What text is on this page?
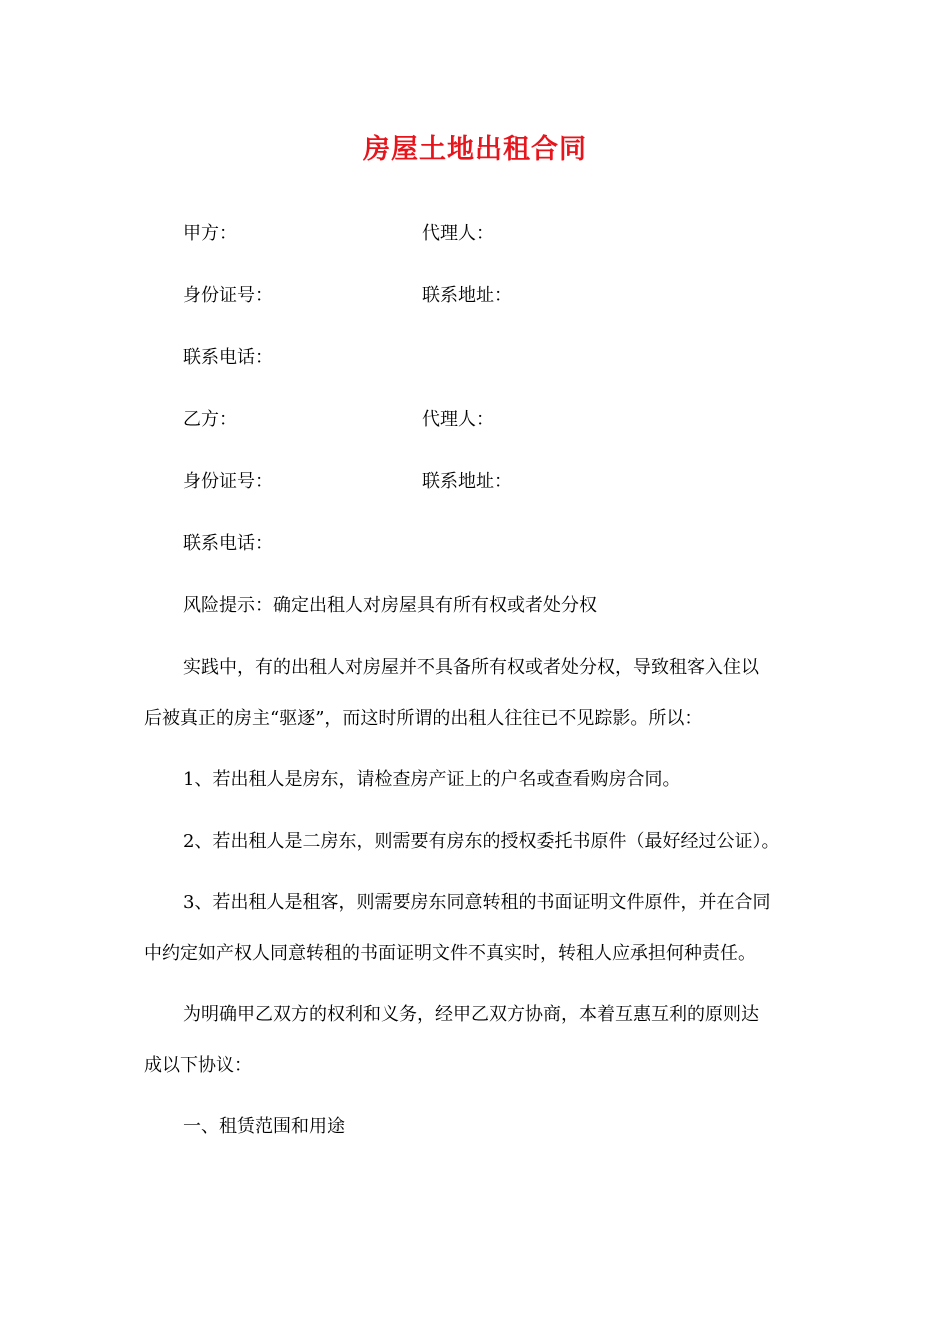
房屋土地出租合同
甲方：	代理人：
身份证号：	联系地址：
联系电话：
乙方：	代理人：
身份证号：	联系地址：
联系电话：
风险提示：确定出租人对房屋具有所有权或者处分权
实践中，有的出租人对房屋并不具备所有权或者处分权，导致租客入住以
后被真正的房主“驱逐”，而这时所谓的出租人往往已不见踪影。所以：
1、若出租人是房东，请检查房产证上的户名或查看购房合同。
2、若出租人是二房东，则需要有房东的授权委托书原件（最好经过公证）。
3、若出租人是租客，则需要房东同意转租的书面证明文件原件，并在合同
中约定如产权人同意转租的书面证明文件不真实时，转租人应承担何种责任。
为明确甲乙双方的权利和义务，经甲乙双方协商，本着互惠互利的原则达
成以下协议：
一、租赁范围和用途
